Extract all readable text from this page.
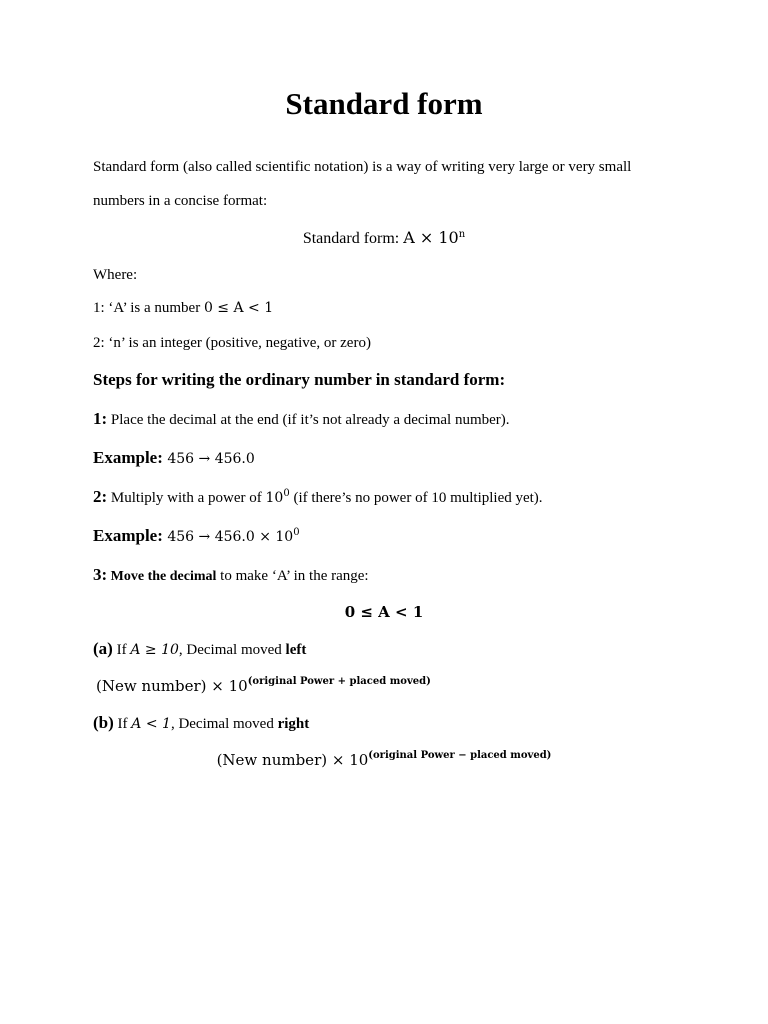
Standard form
Standard form (also called scientific notation) is a way of writing very large or very small
numbers in a concise format:
Standard form: $A \times 10^n$
Where:
1: ‘A’ is a number 0 ≤ A < 1
2: ‘n’ is an integer (positive, negative, or zero)
Steps for writing the ordinary number in standard form:
1: Place the decimal at the end (if it’s not already a decimal number).
Example: 456 → 456.0
2: Multiply with a power of $10^0$ (if there’s no power of 10 multiplied yet).
Example: $456 \to 456.0 \times 10^0$
3: Move the decimal to make ‘A’ in the range:
0 ≤ A < 1
(a) If A ≥ 10, Decimal moved left
(New number) × $10^{(original Power + placed moved)}$
(b) If A < 1, Decimal moved right
(New number) × $10^{(original Power - placed moved)}$
